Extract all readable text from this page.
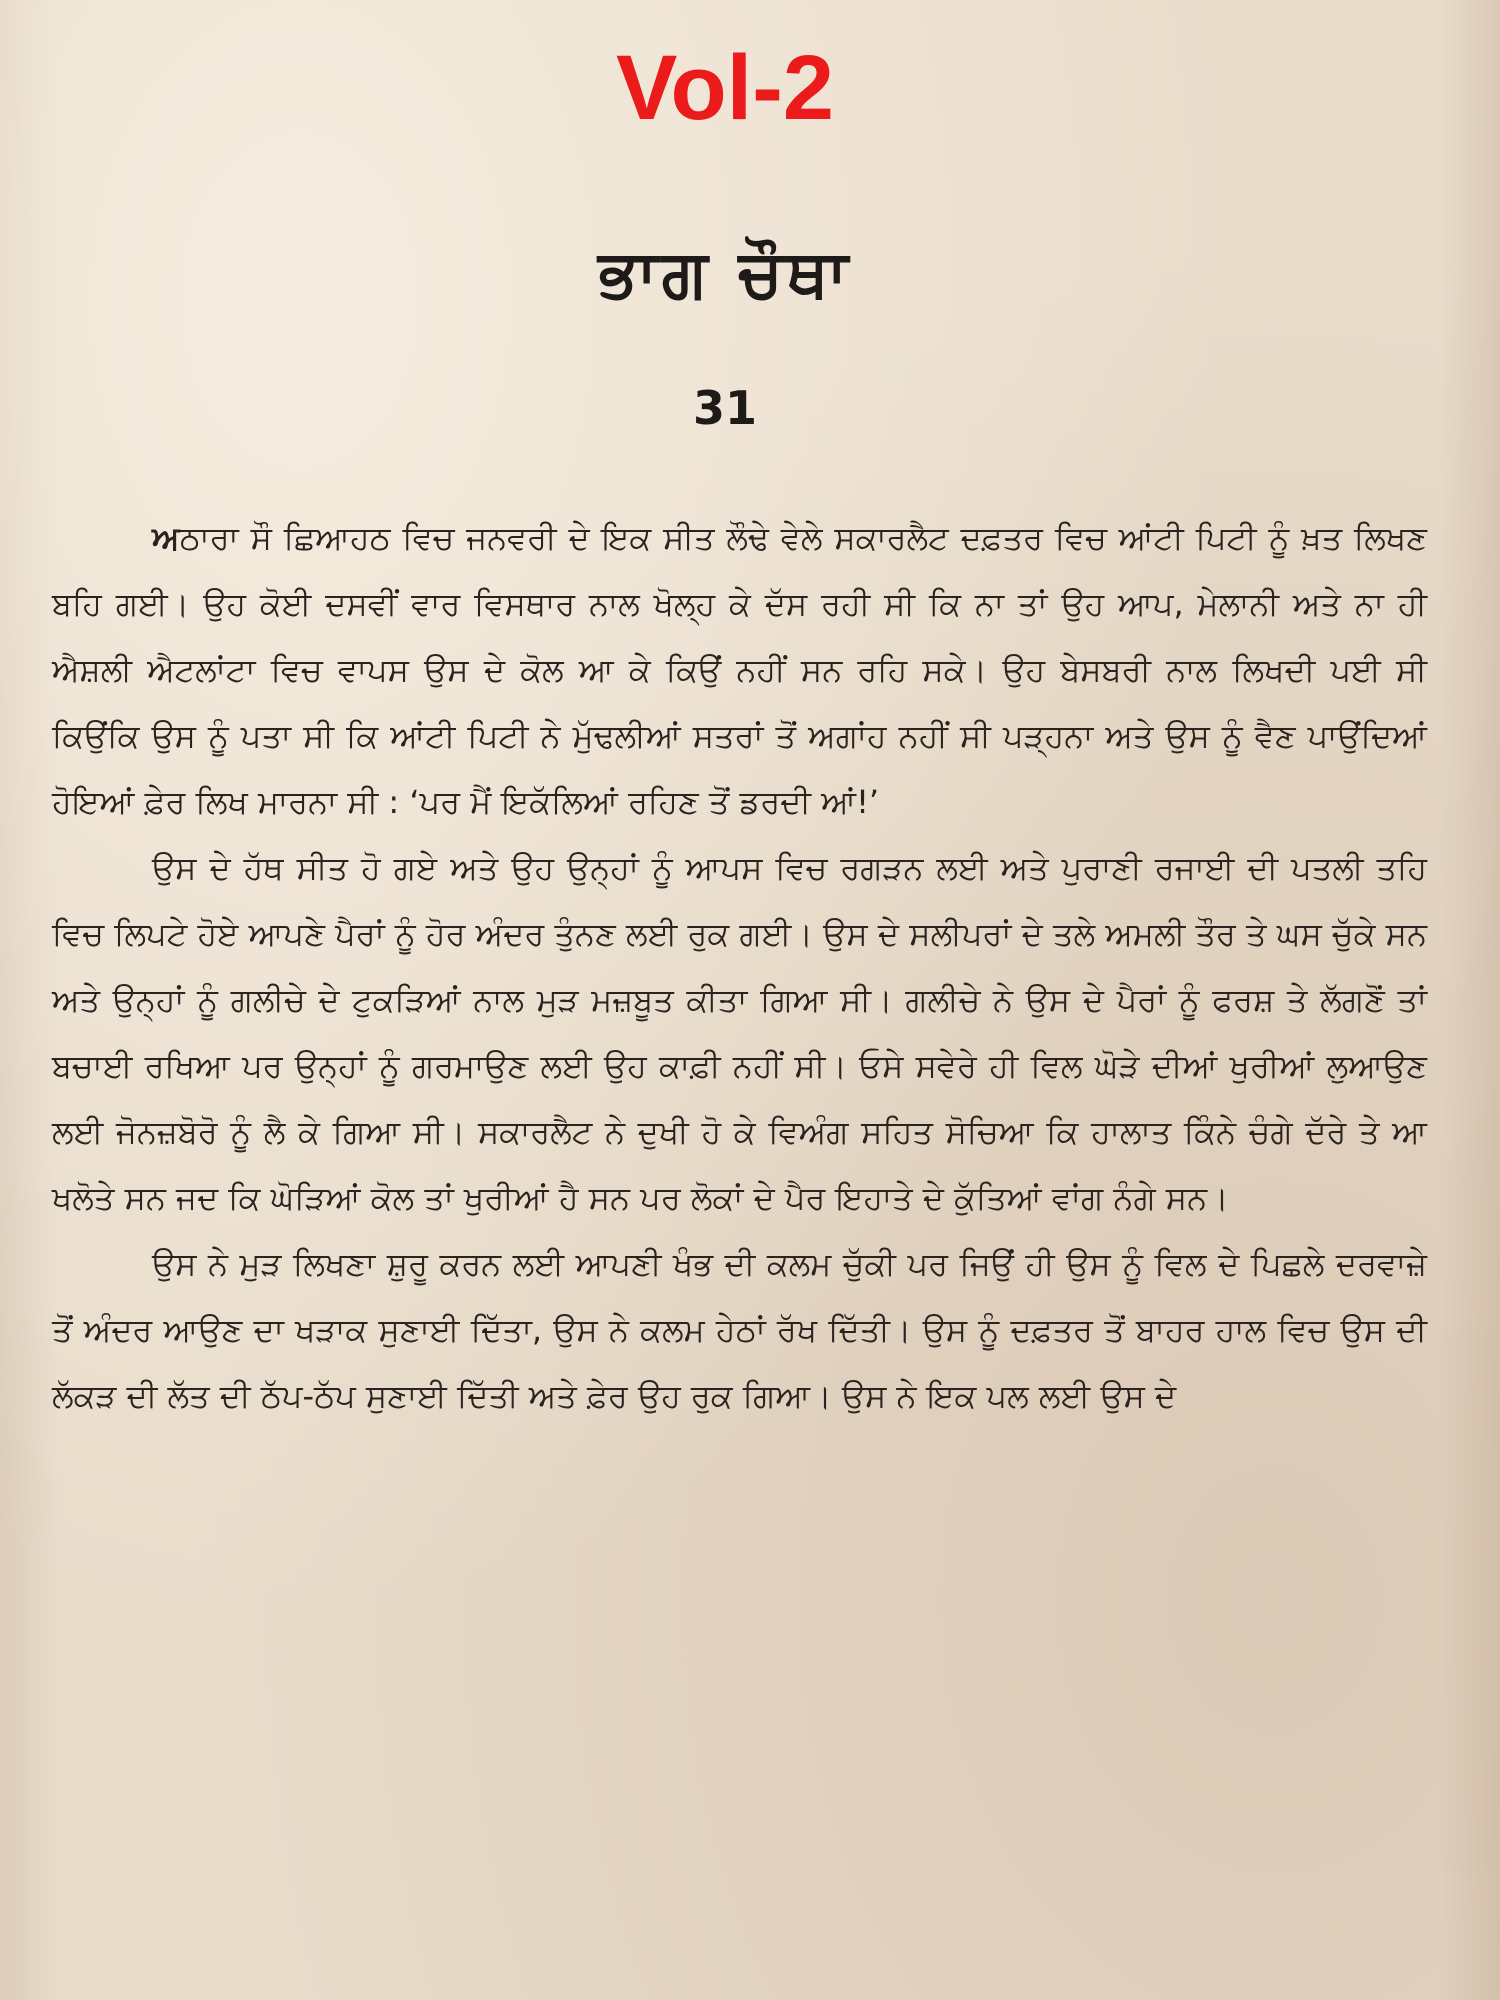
Vol-2
ਭਾਗ ਚੌਥਾ
31

ਅਠਾਰਾ ਸੌ ਛਿਆਹਠ ਵਿਚ ਜਨਵਰੀ ਦੇ ਇਕ ਸੀਤ ਲੌਢੇ ਵੇਲੇ ਸਕਾਰਲੈਟ ਦਫ਼ਤਰ ਵਿਚ ਆਂਟੀ ਪਿਟੀ ਨੂੰ ਖ਼ਤ ਲਿਖਣ ਬਹਿ ਗਈ। ਉਹ ਕੋਈ ਦਸਵੀਂ ਵਾਰ ਵਿਸਥਾਰ ਨਾਲ ਖੋਲ੍ਹ ਕੇ ਦੱਸ ਰਹੀ ਸੀ ਕਿ ਨਾ ਤਾਂ ਉਹ ਆਪ, ਮੇਲਾਨੀ ਅਤੇ ਨਾ ਹੀ ਐਸ਼ਲੀ ਐਟਲਾਂਟਾ ਵਿਚ ਵਾਪਸ ਉਸ ਦੇ ਕੋਲ ਆ ਕੇ ਕਿਉਂ ਨਹੀਂ ਸਨ ਰਹਿ ਸਕੇ। ਉਹ ਬੇਸਬਰੀ ਨਾਲ ਲਿਖਦੀ ਪਈ ਸੀ ਕਿਉਂਕਿ ਉਸ ਨੂੰ ਪਤਾ ਸੀ ਕਿ ਆਂਟੀ ਪਿਟੀ ਨੇ ਮੁੱਢਲੀਆਂ ਸਤਰਾਂ ਤੋਂ ਅਗਾਂਹ ਨਹੀਂ ਸੀ ਪੜ੍ਹਨਾ ਅਤੇ ਉਸ ਨੂੰ ਵੈਣ ਪਾਉਂਦਿਆਂ ਹੋਇਆਂ ਫ਼ੇਰ ਲਿਖ ਮਾਰਨਾ ਸੀ : ‘ਪਰ ਮੈਂ ਇਕੱਲਿਆਂ ਰਹਿਣ ਤੋਂ ਡਰਦੀ ਆਂ!’

ਉਸ ਦੇ ਹੱਥ ਸੀਤ ਹੋ ਗਏ ਅਤੇ ਉਹ ਉਨ੍ਹਾਂ ਨੂੰ ਆਪਸ ਵਿਚ ਰਗੜਨ ਲਈ ਅਤੇ ਪੁਰਾਣੀ ਰਜਾਈ ਦੀ ਪਤਲੀ ਤਹਿ ਵਿਚ ਲਿਪਟੇ ਹੋਏ ਆਪਣੇ ਪੈਰਾਂ ਨੂੰ ਹੋਰ ਅੰਦਰ ਤੁੰਨਣ ਲਈ ਰੁਕ ਗਈ। ਉਸ ਦੇ ਸਲੀਪਰਾਂ ਦੇ ਤਲੇ ਅਮਲੀ ਤੌਰ ਤੇ ਘਸ ਚੁੱਕੇ ਸਨ ਅਤੇ ਉਨ੍ਹਾਂ ਨੂੰ ਗਲੀਚੇ ਦੇ ਟੁਕੜਿਆਂ ਨਾਲ ਮੁੜ ਮਜ਼ਬੂਤ ਕੀਤਾ ਗਿਆ ਸੀ। ਗਲੀਚੇ ਨੇ ਉਸ ਦੇ ਪੈਰਾਂ ਨੂੰ ਫਰਸ਼ ਤੇ ਲੱਗਣੋਂ ਤਾਂ ਬਚਾਈ ਰਖਿਆ ਪਰ ਉਨ੍ਹਾਂ ਨੂੰ ਗਰਮਾਉਣ ਲਈ ਉਹ ਕਾਫ਼ੀ ਨਹੀਂ ਸੀ। ਓਸੇ ਸਵੇਰੇ ਹੀ ਵਿਲ ਘੋੜੇ ਦੀਆਂ ਖੁਰੀਆਂ ਲੁਆਉਣ ਲਈ ਜੋਨਜ਼ਬੋਰੋ ਨੂੰ ਲੈ ਕੇ ਗਿਆ ਸੀ। ਸਕਾਰਲੈਟ ਨੇ ਦੁਖੀ ਹੋ ਕੇ ਵਿਅੰਗ ਸਹਿਤ ਸੋਚਿਆ ਕਿ ਹਾਲਾਤ ਕਿੰਨੇ ਚੰਗੇ ਦੱਰੇ ਤੇ ਆ ਖਲੋਤੇ ਸਨ ਜਦ ਕਿ ਘੋੜਿਆਂ ਕੋਲ ਤਾਂ ਖੁਰੀਆਂ ਹੈ ਸਨ ਪਰ ਲੋਕਾਂ ਦੇ ਪੈਰ ਇਹਾਤੇ ਦੇ ਕੁੱਤਿਆਂ ਵਾਂਗ ਨੰਗੇ ਸਨ।

ਉਸ ਨੇ ਮੁੜ ਲਿਖਣਾ ਸ਼ੁਰੂ ਕਰਨ ਲਈ ਆਪਣੀ ਖੰਭ ਦੀ ਕਲਮ ਚੁੱਕੀ ਪਰ ਜਿਉਂ ਹੀ ਉਸ ਨੂੰ ਵਿਲ ਦੇ ਪਿਛਲੇ ਦਰਵਾਜ਼ੇ ਤੋਂ ਅੰਦਰ ਆਉਣ ਦਾ ਖੜਾਕ ਸੁਣਾਈ ਦਿੱਤਾ, ਉਸ ਨੇ ਕਲਮ ਹੇਠਾਂ ਰੱਖ ਦਿੱਤੀ। ਉਸ ਨੂੰ ਦਫ਼ਤਰ ਤੋਂ ਬਾਹਰ ਹਾਲ ਵਿਚ ਉਸ ਦੀ ਲੱਕੜ ਦੀ ਲੱਤ ਦੀ ਠੱਪ-ਠੱਪ ਸੁਣਾਈ ਦਿੱਤੀ ਅਤੇ ਫ਼ੇਰ ਉਹ ਰੁਕ ਗਿਆ। ਉਸ ਨੇ ਇਕ ਪਲ ਲਈ ਉਸ ਦੇ
